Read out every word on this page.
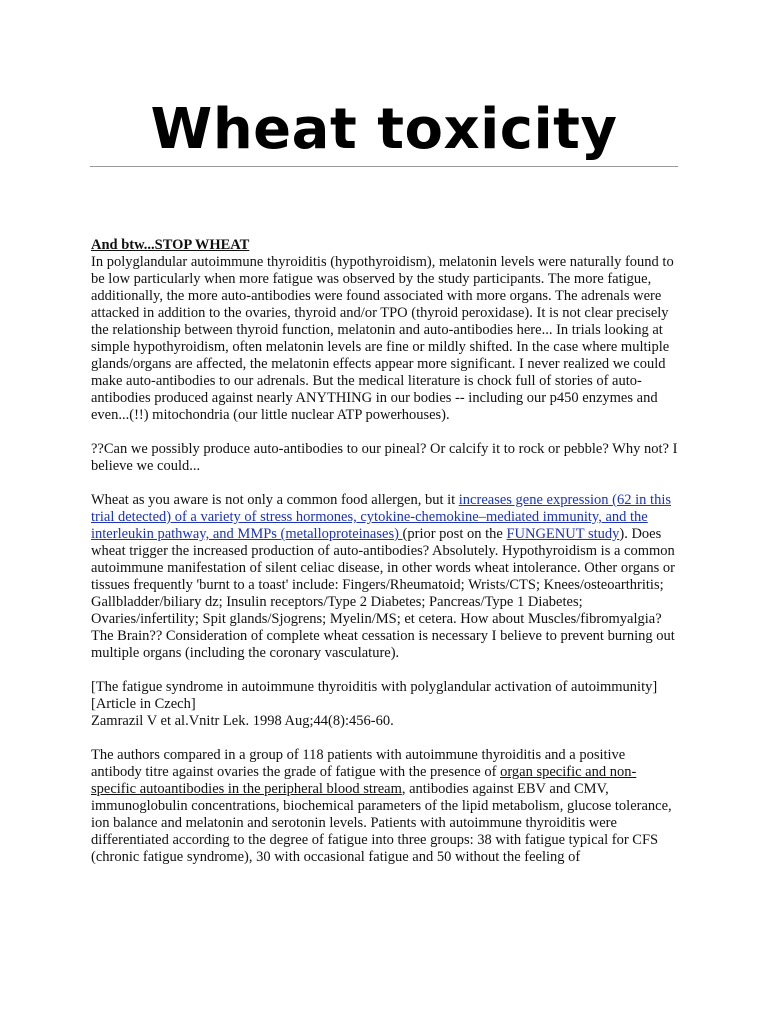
Wheat toxicity
And btw...STOP WHEAT

In polyglandular autoimmune thyroiditis (hypothyroidism), melatonin levels were naturally found to be low particularly when more fatigue was observed by the study participants. The more fatigue, additionally, the more auto-antibodies were found associated with more organs. The adrenals were attacked in addition to the ovaries, thyroid and/or TPO (thyroid peroxidase). It is not clear precisely the relationship between thyroid function, melatonin and auto-antibodies here... In trials looking at simple hypothyroidism, often melatonin levels are fine or mildly shifted. In the case where multiple glands/organs are affected, the melatonin effects appear more significant. I never realized we could make auto-antibodies to our adrenals. But the medical literature is chock full of stories of auto-antibodies produced against nearly ANYTHING in our bodies -- including our p450 enzymes and even...(!!) mitochondria (our little nuclear ATP powerhouses).

??Can we possibly produce auto-antibodies to our pineal? Or calcify it to rock or pebble? Why not? I believe we could...

Wheat as you aware is not only a common food allergen, but it increases gene expression (62 in this trial detected) of a variety of stress hormones, cytokine-chemokine–mediated immunity, and the interleukin pathway, and MMPs (metalloproteinases) (prior post on the FUNGENUT study). Does wheat trigger the increased production of auto-antibodies? Absolutely. Hypothyroidism is a common autoimmune manifestation of silent celiac disease, in other words wheat intolerance. Other organs or tissues frequently 'burnt to a toast' include: Fingers/Rheumatoid; Wrists/CTS; Knees/osteoarthritis; Gallbladder/biliary dz; Insulin receptors/Type 2 Diabetes; Pancreas/Type 1 Diabetes; Ovaries/infertility; Spit glands/Sjogrens; Myelin/MS; et cetera. How about Muscles/fibromyalgia? The Brain?? Consideration of complete wheat cessation is necessary I believe to prevent burning out multiple organs (including the coronary vasculature).

[The fatigue syndrome in autoimmune thyroiditis with polyglandular activation of autoimmunity][Article in Czech]
Zamrazil V et al.Vnitr Lek. 1998 Aug;44(8):456-60.

The authors compared in a group of 118 patients with autoimmune thyroiditis and a positive antibody titre against ovaries the grade of fatigue with the presence of organ specific and non-specific autoantibodies in the peripheral blood stream, antibodies against EBV and CMV, immunoglobulin concentrations, biochemical parameters of the lipid metabolism, glucose tolerance, ion balance and melatonin and serotonin levels. Patients with autoimmune thyroiditis were differentiated according to the degree of fatigue into three groups: 38 with fatigue typical for CFS (chronic fatigue syndrome), 30 with occasional fatigue and 50 without the feeling of
